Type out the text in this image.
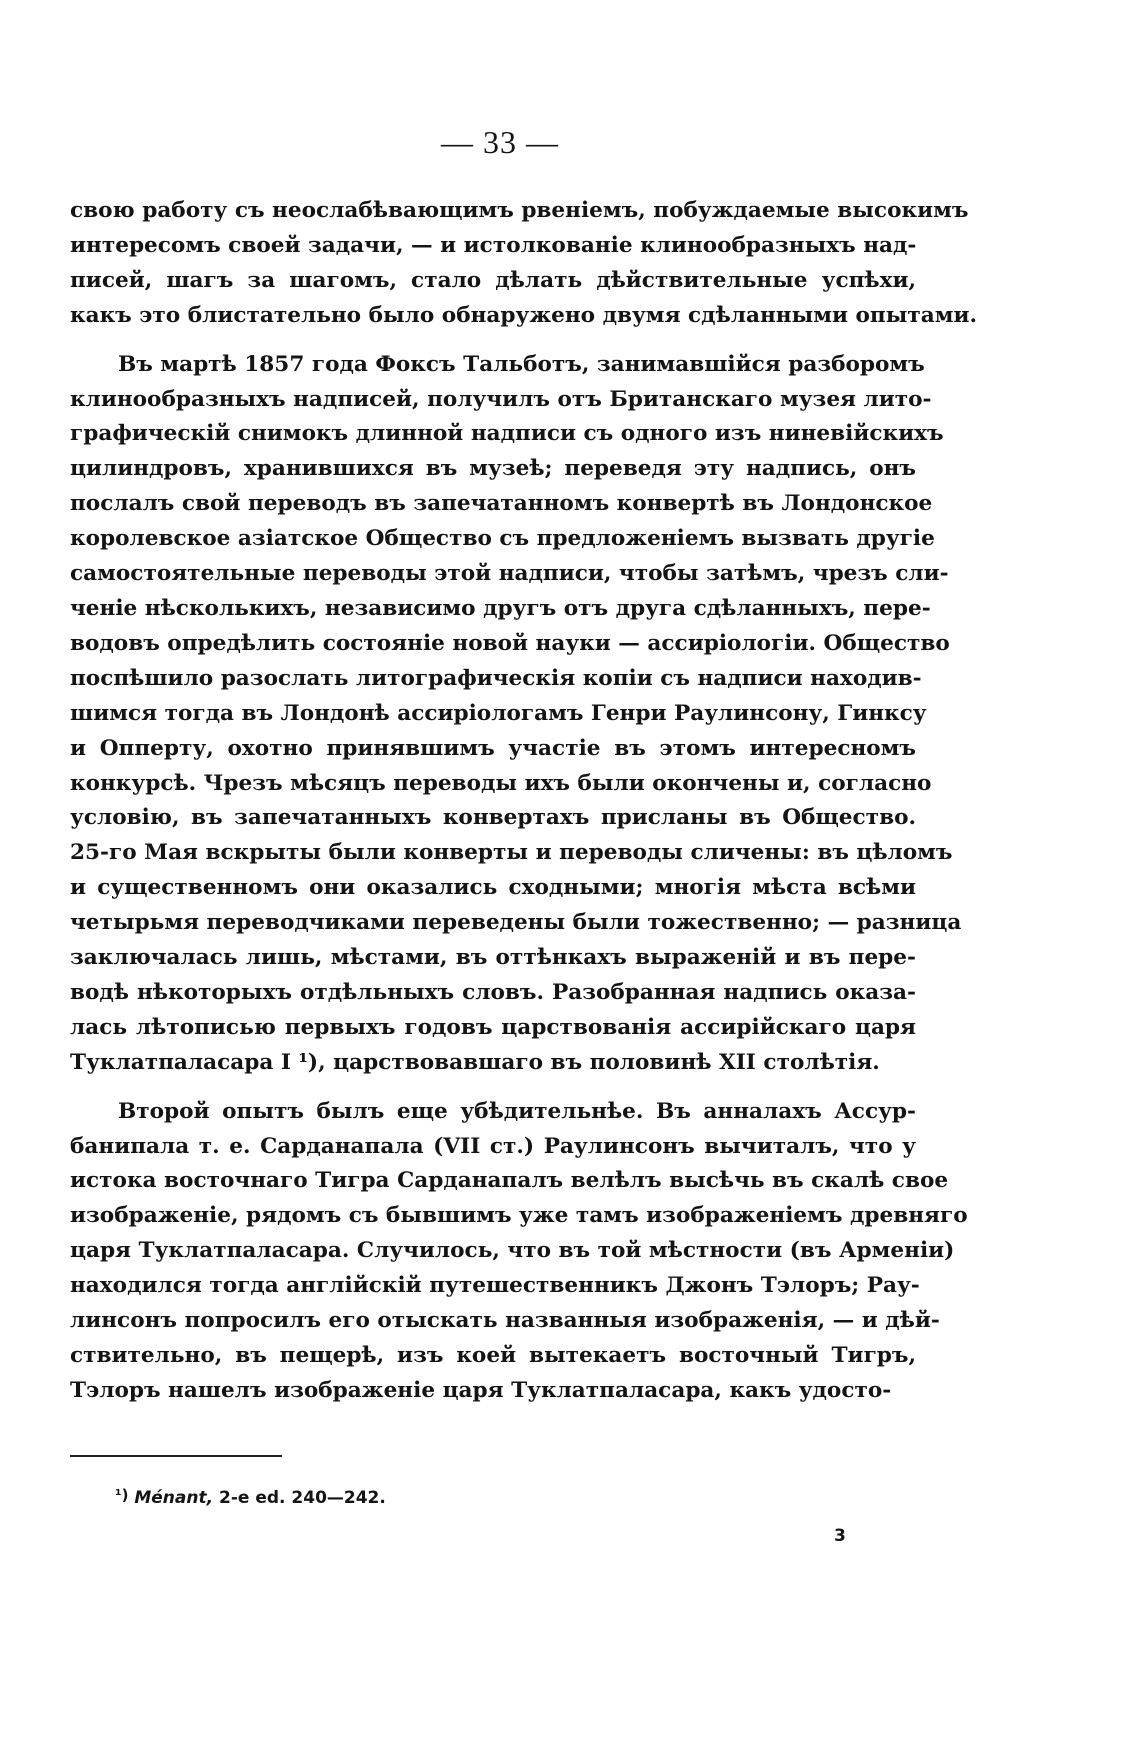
— 33 —
свою работу съ неослабѣвающимъ рвеніемъ, побуждаемые высокимъ
интересомъ своей задачи, — и истолкованіе клинообразныхъ над-
писей, шагъ за шагомъ, стало дѣлать дѣйствительные успѣхи,
какъ это блистательно было обнаружено двумя сдѣланными опытами.
Въ мартѣ 1857 года Фоксъ Тальботъ, занимавшійся разборомъ
клинообразныхъ надписей, получилъ отъ Британскаго музея лито-
графическій снимокъ длинной надписи съ одного изъ ниневійскихъ
цилиндровъ, хранившихся въ музеѣ; переведя эту надпись, онъ
послалъ свой переводъ въ запечатанномъ конвертѣ въ Лондонское
королевское азіатское Общество съ предложеніемъ вызвать другіе
самостоятельные переводы этой надписи, чтобы затѣмъ, чрезъ сли-
ченіе нѣсколькихъ, независимо другъ отъ друга сдѣланныхъ, пере-
водовъ опредѣлить состояніе новой науки — ассиріологіи. Общество
поспѣшило разослать литографическія копіи съ надписи находив-
шимся тогда въ Лондонѣ ассиріологамъ Генри Раулинсону, Гинксу
и Опперту, охотно принявшимъ участіе въ этомъ интересномъ
конкурсѣ. Чрезъ мѣсяцъ переводы ихъ были окончены и, согласно
условію, въ запечатанныхъ конвертахъ присланы въ Общество.
25-го Мая вскрыты были конверты и переводы сличены: въ цѣломъ
и существенномъ они оказались сходными; многія мѣста всѣми
четырьмя переводчиками переведены были тожественно; — разница
заключалась лишь, мѣстами, въ оттѣнкахъ выраженій и въ пере-
водѣ нѣкоторыхъ отдѣльныхъ словъ. Разобранная надпись оказа-
лась лѣтописью первыхъ годовъ царствованія ассирійскаго царя
Туклатпаласара I ¹), царствовавшаго въ половинѣ XII столѣтія.
Второй опытъ былъ еще убѣдительнѣе. Въ анналахъ Ассур-
банипала т. е. Сарданапала (VII ст.) Раулинсонъ вычиталъ, что у
истока восточнаго Тигра Сарданапалъ велѣлъ высѣчь въ скалѣ свое
изображеніе, рядомъ съ бывшимъ уже тамъ изображеніемъ древняго
царя Туклатпаласара. Случилось, что въ той мѣстности (въ Арменіи)
находился тогда англійскій путешественникъ Джонъ Тэлоръ; Рау-
линсонъ попросилъ его отыскать названныя изображенія, — и дѣй-
ствительно, въ пещерѣ, изъ коей вытекаетъ восточный Тигръ,
Тэлоръ нашелъ изображеніе царя Туклатпаласара, какъ удосто-
¹) Ménant, 2-e ed. 240—242.
3
